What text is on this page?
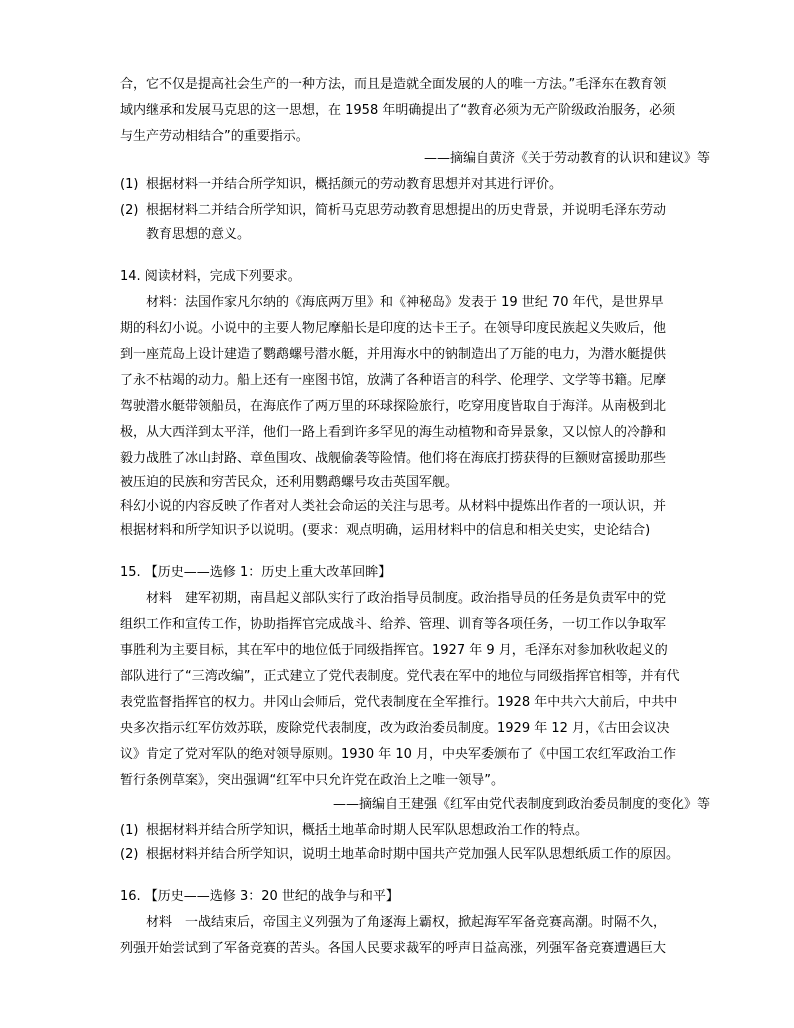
合，它不仅是提高社会生产的一种方法，而且是造就全面发展的人的唯一方法。”毛泽东在教育领
域内继承和发展马克思的这一思想，在 1958 年明确提出了“教育必须为无产阶级政治服务，必须
与生产劳动相结合”的重要指示。
——摘编自黄济《关于劳动教育的认识和建议》等
(1) 根据材料一并结合所学知识，概括颜元的劳动教育思想并对其进行评价。
(2) 根据材料二并结合所学知识，简析马克思劳动教育思想提出的历史背景，并说明毛泽东劳动
教育思想的意义。
14. 阅读材料，完成下列要求。
材料：法国作家凡尔纳的《海底两万里》和《神秘岛》发表于 19 世纪 70 年代，是世界早
期的科幻小说。小说中的主要人物尼摩船长是印度的达卡王子。在领导印度民族起义失败后，他
到一座荒岛上设计建造了鹦鹉螺号潜水艇，并用海水中的钠制造出了万能的电力，为潜水艇提供
了永不枯竭的动力。船上还有一座图书馆，放满了各种语言的科学、伦理学、文学等书籍。尼摩
驾驶潜水艇带领船员，在海底作了两万里的环球探险旅行，吃穿用度皆取自于海洋。从南极到北
极，从大西洋到太平洋，他们一路上看到许多罕见的海生动植物和奇异景象，又以惊人的冷静和
毅力战胜了冰山封路、章鱼围攻、战舰偷袭等险情。他们将在海底打捞获得的巨额财富援助那些
被压迫的民族和穷苦民众，还利用鹦鹉螺号攻击英国军舰。
科幻小说的内容反映了作者对人类社会命运的关注与思考。从材料中提炼出作者的一项认识，并
根据材料和所学知识予以说明。(要求：观点明确，运用材料中的信息和相关史实，史论结合)
15. 【历史——选修 1：历史上重大改革回眸】
材料　建军初期，南昌起义部队实行了政治指导员制度。政治指导员的任务是负责军中的党
组织工作和宣传工作，协助指挥官完成战斗、给养、管理、训育等各项任务，一切工作以争取军
事胜利为主要目标，其在军中的地位低于同级指挥官。1927 年 9 月，毛泽东对参加秋收起义的
部队进行了“三湾改编”，正式建立了党代表制度。党代表在军中的地位与同级指挥官相等，并有代
表党监督指挥官的权力。井冈山会师后，党代表制度在全军推行。1928 年中共六大前后，中共中
央多次指示红军仿效苏联，废除党代表制度，改为政治委员制度。1929 年 12 月，《古田会议决
议》肯定了党对军队的绝对领导原则。1930 年 10 月，中央军委颁布了《中国工农红军政治工作
暂行条例草案》，突出强调“红军中只允许党在政治上之唯一领导”。
——摘编自王建强《红军由党代表制度到政治委员制度的变化》等
(1) 根据材料并结合所学知识，概括土地革命时期人民军队思想政治工作的特点。
(2) 根据材料并结合所学知识，说明土地革命时期中国共产党加强人民军队思想纸质工作的原因。
16. 【历史——选修 3：20 世纪的战争与和平】
材料　一战结束后，帝国主义列强为了角逐海上霸权，掀起海军军备竞赛高潮。时隔不久，
列强开始尝试到了军备竞赛的苦头。各国人民要求裁军的呼声日益高涨，列强军备竞赛遭遇巨大
